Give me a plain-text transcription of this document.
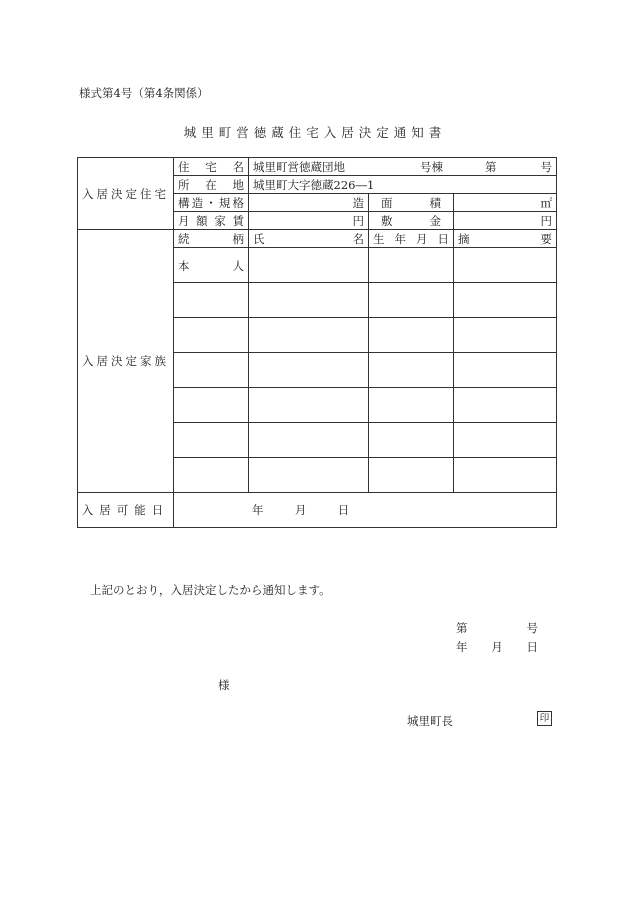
様式第4号（第4条関係）
城里町営徳蔵住宅入居決定通知書
入居決定住宅	住宅名	城里町営徳蔵団地 号棟 第 号		

	所在地	城里町大字徳蔵226―1		
	構造・規格	造	面積	㎡
	月額家賃	円	敷金	円
入居決定家族	続柄	氏 名	生年月日	摘 要

	本人			

入居可能日	年 月 日			
上記のとおり，入居決定したから通知します。
第	号
年 月 日
様
城里町長	印
